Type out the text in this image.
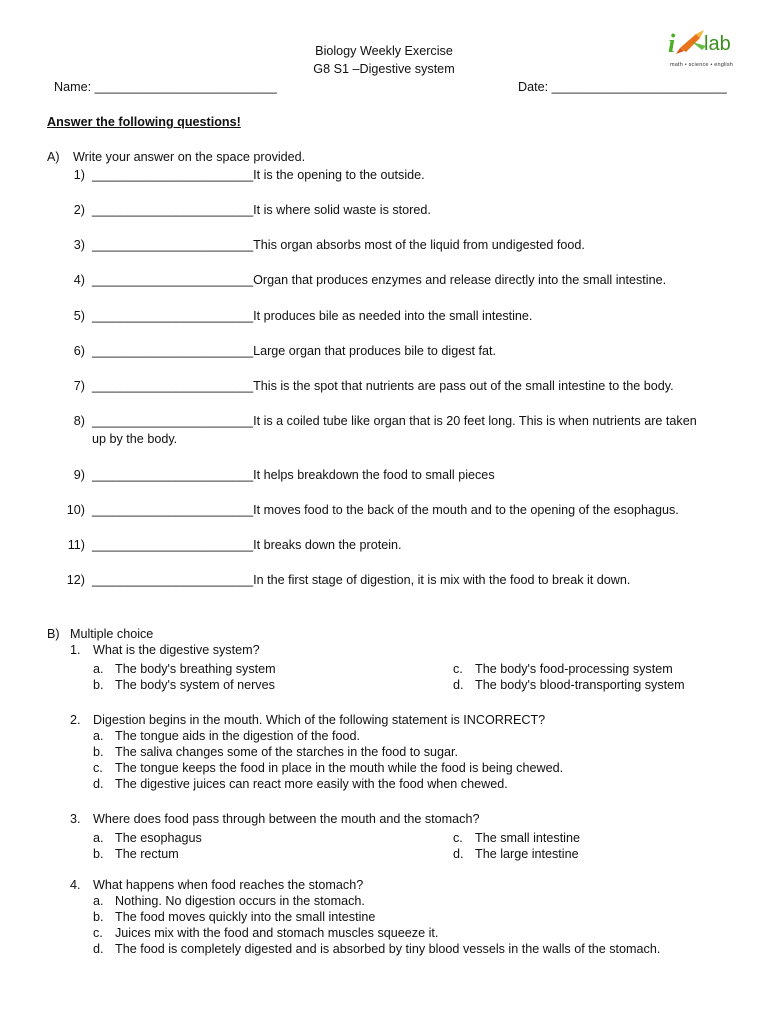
Biology Weekly Exercise
G8 S1 –Digestive system
Name: __________________________	Date: _________________________
i lab
math • science • english
Answer the following questions!
A) Write your answer on the space provided.
1) _______________________It is the opening to the outside.
2) _______________________It is where solid waste is stored.
3) _______________________This organ absorbs most of the liquid from undigested food.
4) _______________________Organ that produces enzymes and release directly into the small intestine.
5) _______________________It produces bile as needed into the small intestine.
6) _______________________Large organ that produces bile to digest fat.
7) _______________________This is the spot that nutrients are pass out of the small intestine to the body.
8) _______________________It is a coiled tube like organ that is 20 feet long. This is when nutrients are taken
up by the body.
9) _______________________It helps breakdown the food to small pieces
10) _______________________It moves food to the back of the mouth and to the opening of the esophagus.
11) _______________________It breaks down the protein.
12) _______________________In the first stage of digestion, it is mix with the food to break it down.
B) Multiple choice
1. What is the digestive system?
a. The body's breathing system
b. The body's system of nerves
c. The body's food-processing system
d. The body's blood-transporting system
2. Digestion begins in the mouth. Which of the following statement is INCORRECT?
a. The tongue aids in the digestion of the food.
b. The saliva changes some of the starches in the food to sugar.
c. The tongue keeps the food in place in the mouth while the food is being chewed.
d. The digestive juices can react more easily with the food when chewed.
3. Where does food pass through between the mouth and the stomach?
a. The esophagus
b. The rectum
c. The small intestine
d. The large intestine
4. What happens when food reaches the stomach?
a. Nothing. No digestion occurs in the stomach.
b. The food moves quickly into the small intestine
c. Juices mix with the food and stomach muscles squeeze it.
d. The food is completely digested and is absorbed by tiny blood vessels in the walls of the stomach.
